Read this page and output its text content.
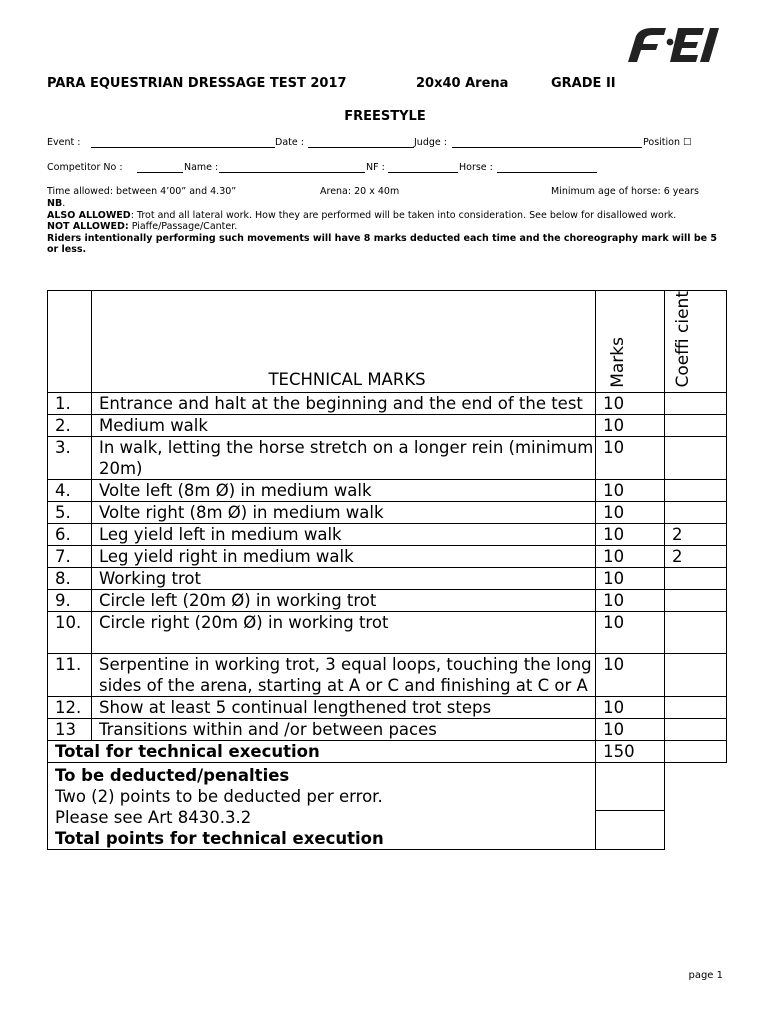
PARA EQUESTRIAN DRESSAGE TEST 2017	20x40 Arena	GRADE II
FREESTYLE
Event :	Date :	Judge :	Position ☐
Competitor No :	Name :	NF :	Horse :
Time allowed: between 4’00” and 4.30”	Arena: 20 x 40m	Minimum age of horse: 6 years
NB.
ALSO ALLOWED: Trot and all lateral work. How they are performed will be taken into consideration. See below for disallowed work.
NOT ALLOWED: Piaffe/Passage/Canter.
Riders intentionally performing such movements will have 8 marks deducted each time and the choreography mark will be 5 or less.
	TECHNICAL MARKS	Marks	Coeffi cient

1.	Entrance and halt at the beginning and the end of the test	10	
2.	Medium walk	10	
3.	In walk, letting the horse stretch on a longer rein (minimum 20m)	10	
4.	Volte left (8m Ø) in medium walk	10	
5.	Volte right (8m Ø) in medium walk	10	
6.	Leg yield left in medium walk	10	2
7.	Leg yield right in medium walk	10	2
8.	Working trot	10	
9.	Circle left (20m Ø) in working trot	10	
10.	Circle right (20m Ø) in working trot	10	
11.	Serpentine in working trot, 3 equal loops, touching the long sides of the arena, starting at A or C and finishing at C or A	10	
12.	Show at least 5 continual lengthened trot steps	10	
13	Transitions within and /or between paces	10	
Total for technical execution		150	

To be deducted/penalties
Two (2) points to be deducted per error.
Please see Art 8430.3.2
Total points for technical execution			

page 1
